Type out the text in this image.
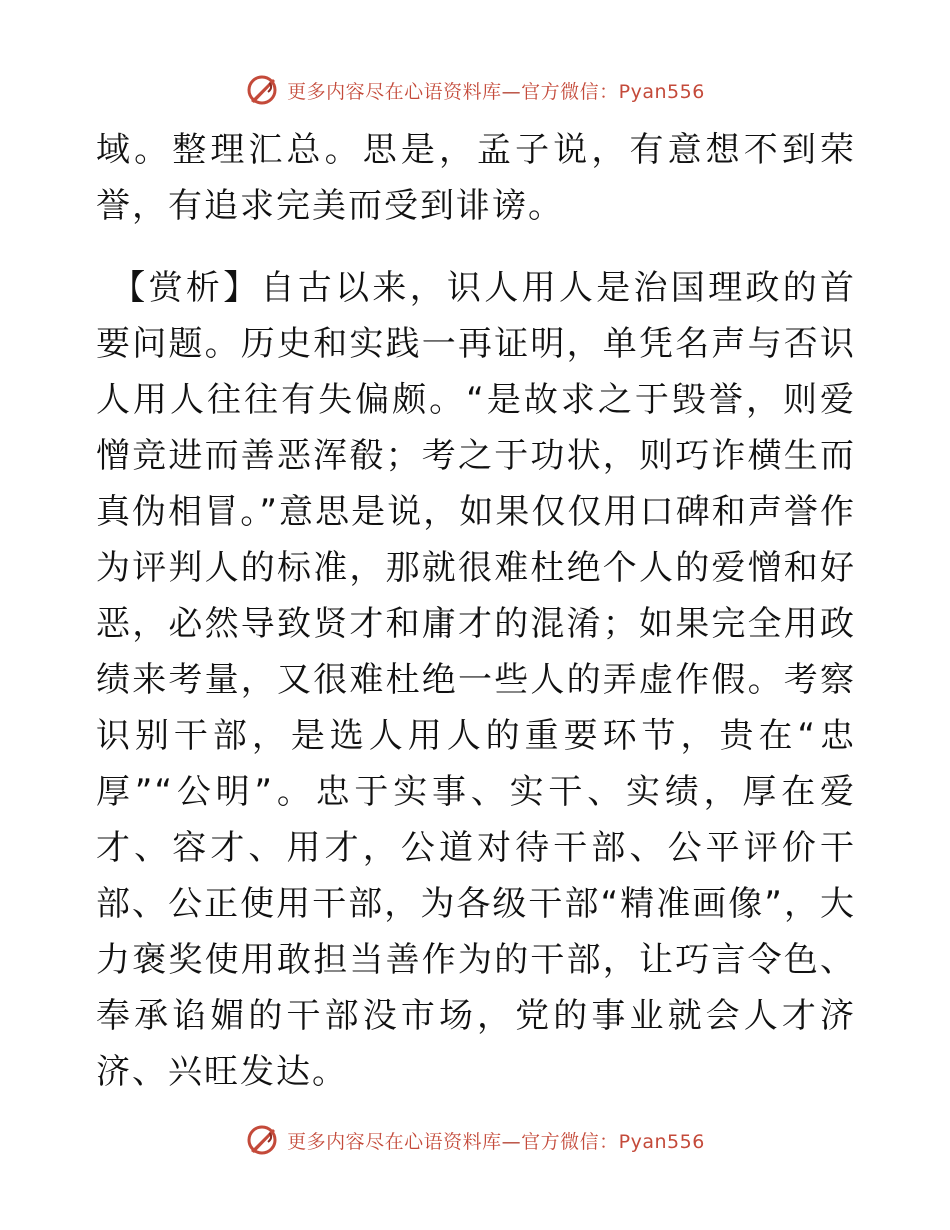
更多内容尽在心语资料库—官方微信：Pyan556

域。整理汇总。思是，孟子说，有意想不到荣誉，有追求完美而受到诽谤。

【赏析】自古以来，识人用人是治国理政的首要问题。历史和实践一再证明，单凭名声与否识人用人往往有失偏颇。“是故求之于毁誉，则爱憎竞进而善恶浑殽；考之于功状，则巧诈横生而真伪相冒。”意思是说，如果仅仅用口碑和声誉作为评判人的标准，那就很难杜绝个人的爱憎和好恶，必然导致贤才和庸才的混淆；如果完全用政绩来考量，又很难杜绝一些人的弄虚作假。考察识别干部，是选人用人的重要环节，贵在“忠厚”“公明”。忠于实事、实干、实绩，厚在爱才、容才、用才，公道对待干部、公平评价干部、公正使用干部，为各级干部“精准画像”，大力褒奖使用敢担当善作为的干部，让巧言令色、奉承谄媚的干部没市场，党的事业就会人才济济、兴旺发达。

更多内容尽在心语资料库—官方微信：Pyan556
